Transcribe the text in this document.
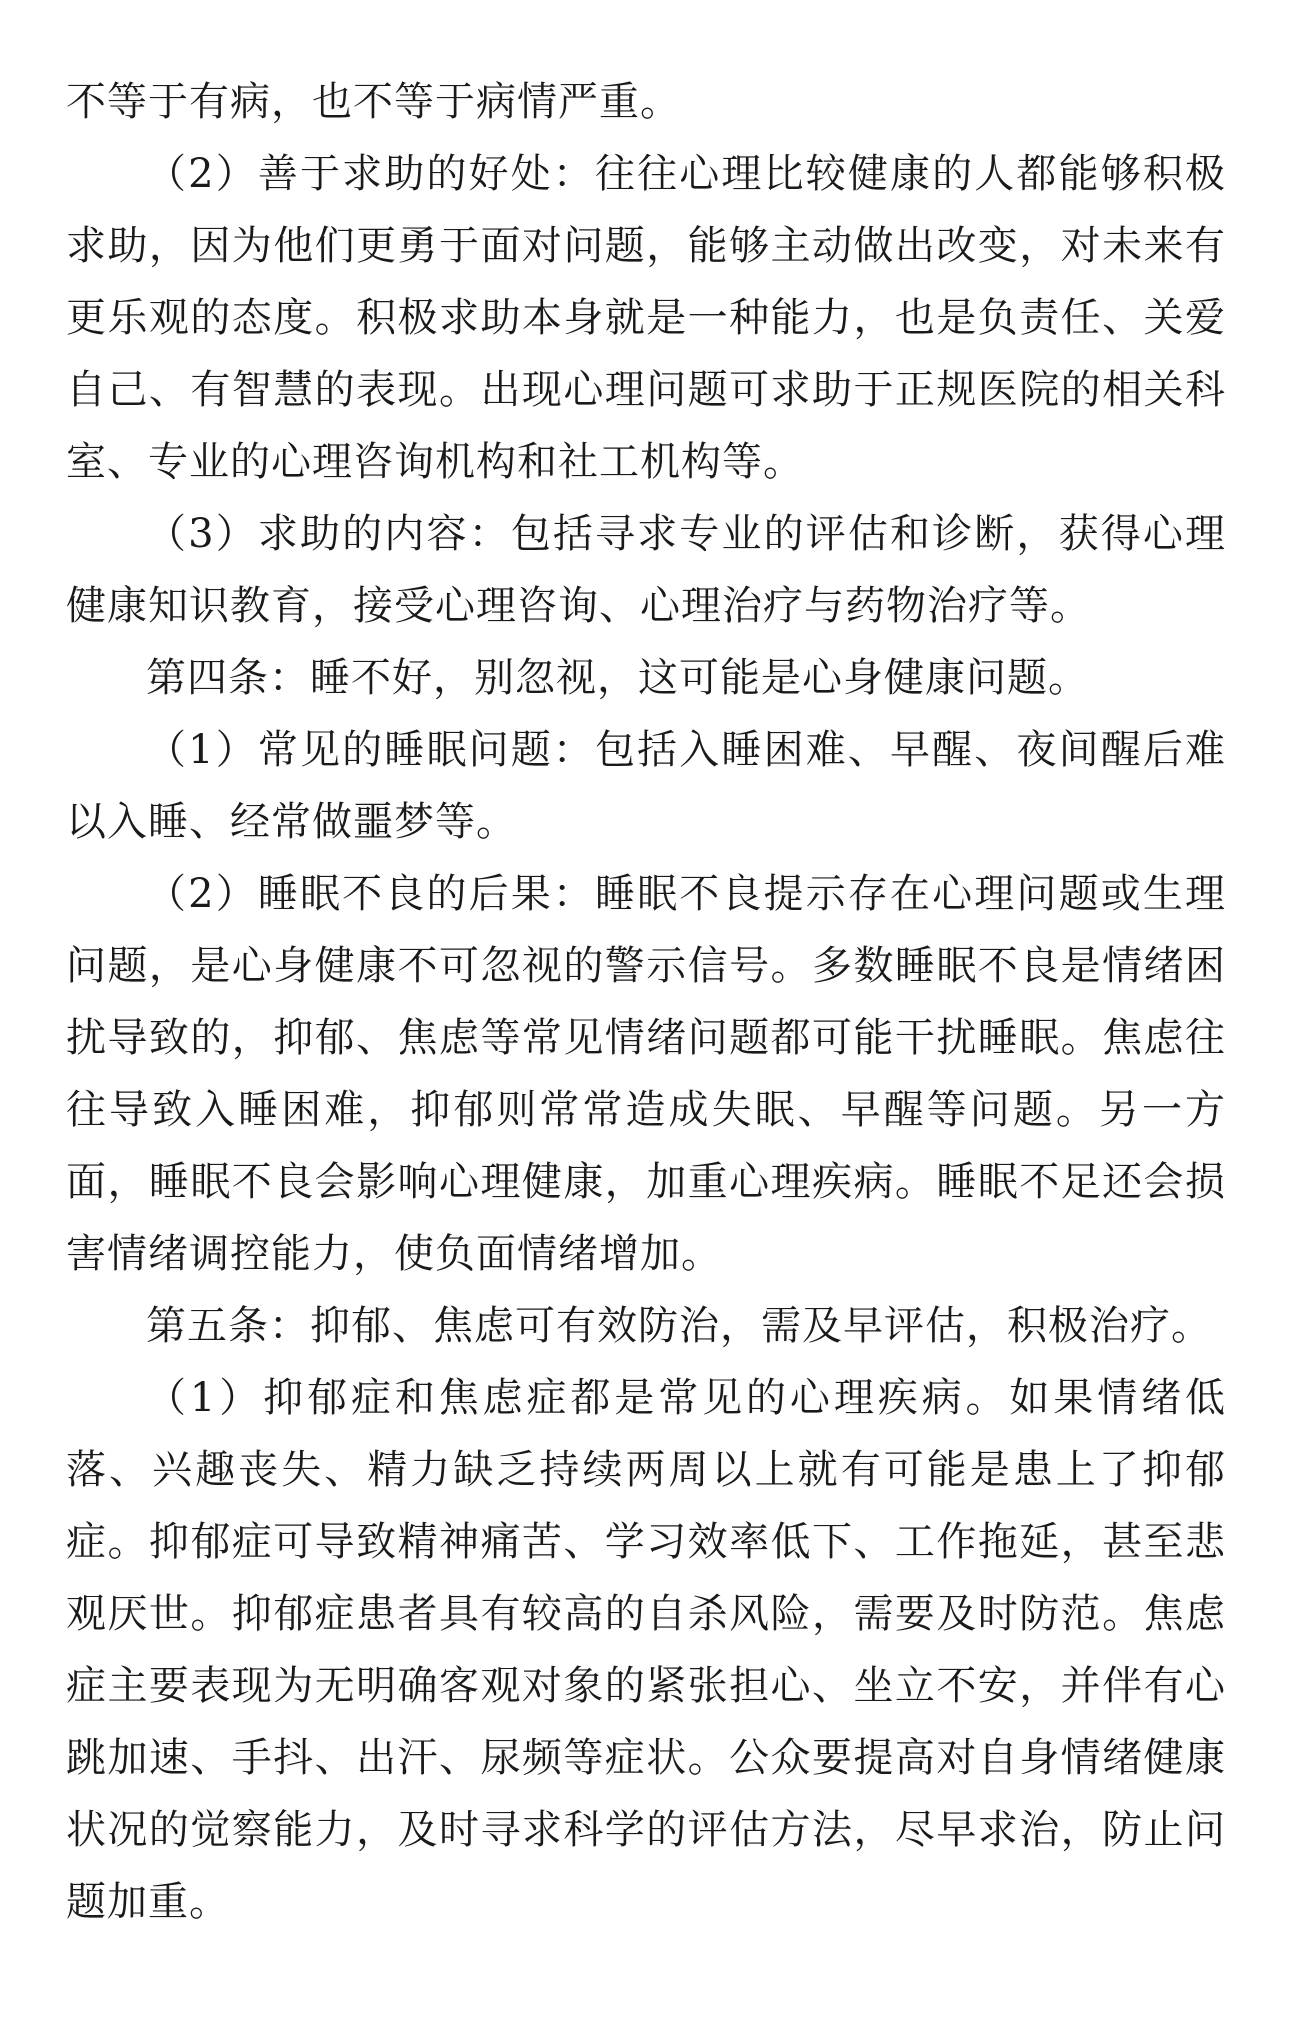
不等于有病，也不等于病情严重。

（2）善于求助的好处：往往心理比较健康的人都能够积极求助，因为他们更勇于面对问题，能够主动做出改变，对未来有更乐观的态度。积极求助本身就是一种能力，也是负责任、关爱自己、有智慧的表现。出现心理问题可求助于正规医院的相关科室、专业的心理咨询机构和社工机构等。

（3）求助的内容：包括寻求专业的评估和诊断，获得心理健康知识教育，接受心理咨询、心理治疗与药物治疗等。

第四条：睡不好，别忽视，这可能是心身健康问题。

（1）常见的睡眠问题：包括入睡困难、早醒、夜间醒后难以入睡、经常做噩梦等。

（2）睡眠不良的后果：睡眠不良提示存在心理问题或生理问题，是心身健康不可忽视的警示信号。多数睡眠不良是情绪困扰导致的，抑郁、焦虑等常见情绪问题都可能干扰睡眠。焦虑往往导致入睡困难，抑郁则常常造成失眠、早醒等问题。另一方面，睡眠不良会影响心理健康，加重心理疾病。睡眠不足还会损害情绪调控能力，使负面情绪增加。

第五条：抑郁、焦虑可有效防治，需及早评估，积极治疗。

（1）抑郁症和焦虑症都是常见的心理疾病。如果情绪低落、兴趣丧失、精力缺乏持续两周以上就有可能是患上了抑郁症。抑郁症可导致精神痛苦、学习效率低下、工作拖延，甚至悲观厌世。抑郁症患者具有较高的自杀风险，需要及时防范。焦虑症主要表现为无明确客观对象的紧张担心、坐立不安，并伴有心跳加速、手抖、出汗、尿频等症状。公众要提高对自身情绪健康状况的觉察能力，及时寻求科学的评估方法，尽早求治，防止问题加重。
